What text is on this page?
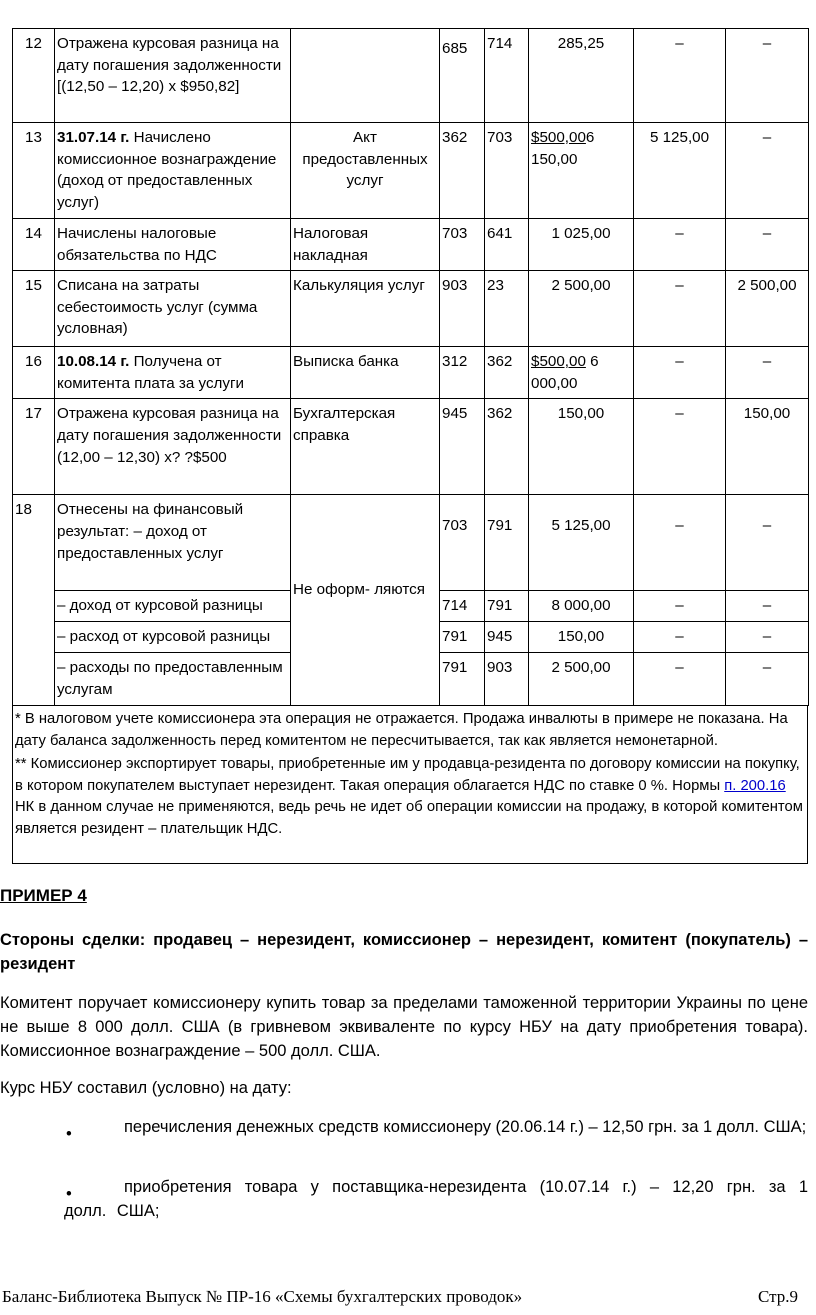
12	Отражена курсовая разница на дату погашения задолженности [(12,50 – 12,20) х $950,82]		685	714	285,25	–	–
13	31.07.14 г. Начислено комиссионное вознаграждение (доход от предоставленных услуг)	Акт предоставленных услуг	362	703	$500,006 150,00	5 125,00	–
14	Начислены налоговые обязательства по НДС	Налоговая накладная	703	641	1 025,00	–	–
15	Списана на затраты себестоимость услуг (сумма условная)	Калькуляция услуг	903	23	2 500,00	–	2 500,00
16	10.08.14 г. Получена от комитента плата за услуги	Выписка банка	312	362	$500,00 6 000,00	–	–
17	Отражена курсовая разница на дату погашения задолженности (12,00 – 12,30) х? ?$500	Бухгалтерская справка	945	362	150,00	–	150,00
18	Отнесены на финансовый результат: – доход от предоставленных услуг	Не оформ- ляются	703	791	5 125,00	–	–
	– доход от курсовой разницы		714	791	8 000,00	–	–
	– расход от курсовой разницы		791	945	150,00	–	–
	– расходы по предоставленным услугам		791	903	2 500,00	–	–

* В налоговом учете комиссионера эта операция не отражается. Продажа инвалюты в примере не показана. На дату баланса задолженность перед комитентом не пересчитывается, так как является немонетарной.

** Комиссионер экспортирует товары, приобретенные им у продавца-резидента по договору комиссии на покупку, в котором покупателем выступает нерезидент. Такая операция облагается НДС по ставке 0 %. Нормы п. 200.16 НК в данном случае не применяются, ведь речь не идет об операции комиссии на продажу, в которой комитентом является резидент – плательщик НДС.

ПРИМЕР 4
Стороны сделки: продавец – нерезидент, комиссионер – нерезидент, комитент (покупатель) – резидент
Комитент поручает комиссионеру купить товар за пределами таможенной территории Украины по цене не выше 8 000 долл. США (в гривневом эквиваленте по курсу НБУ на дату приобретения товара). Комиссионное вознаграждение – 500 долл. США.
Курс НБУ составил (условно) на дату:
•	перечисления денежных средств комиссионеру (20.06.14 г.) – 12,50 грн. за 1 долл. США;
•	приобретения товара у поставщика-нерезидента (10.07.14 г.) – 12,20 грн. за 1 долл. США;
Баланс-Библиотека Выпуск № ПР-16 «Схемы бухгалтерских проводок»	Стр.9
